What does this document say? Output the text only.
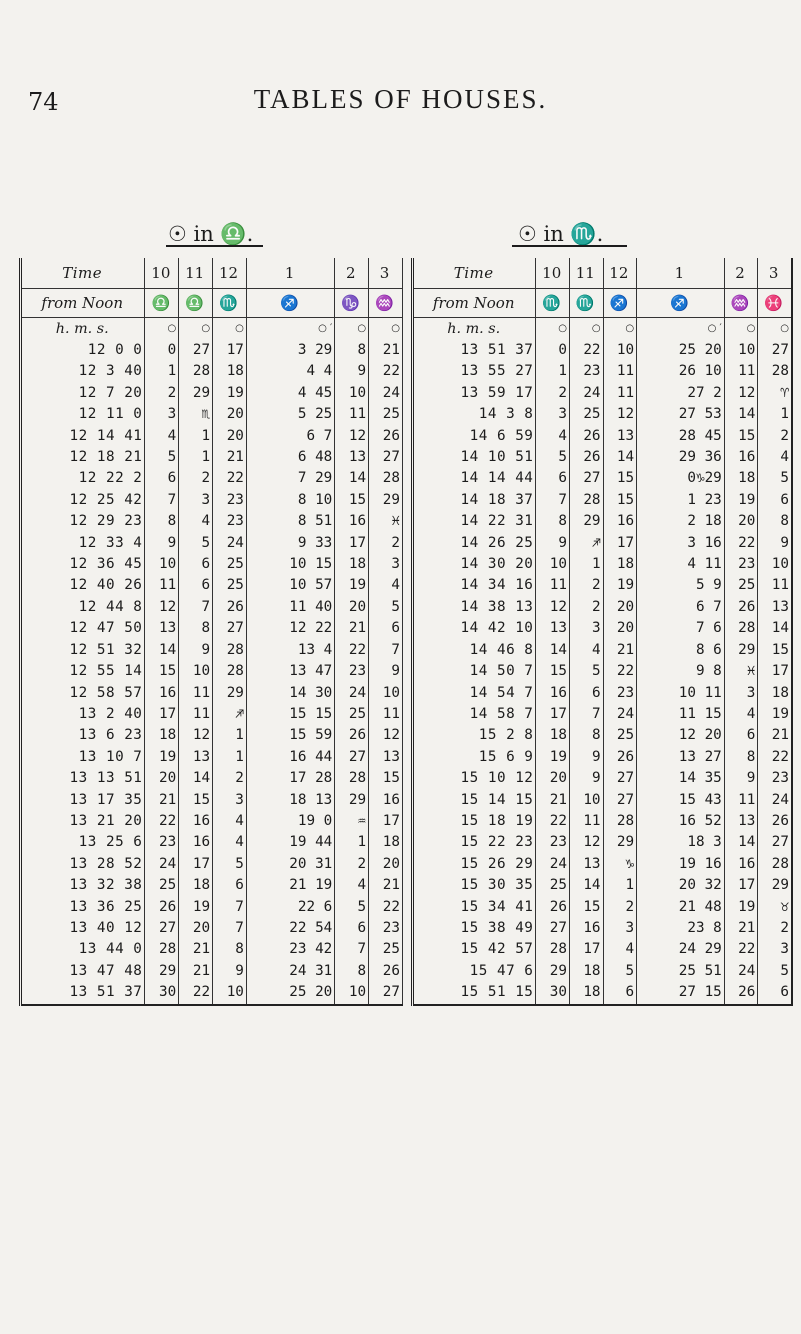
74	TABLES OF HOUSES.
☉ in ♎.	☉ in ♏.
Time	10	11	12	1	2	3
from Noon	♎	♎	♏	♐	♑	♒
h. m. s.	○	○	○	○ ′	○	○
12 0 0	0	27	17	3 29	8	21
12 3 40	1	28	18	4 4	9	22
12 7 20	2	29	19	4 45	10	24
12 11 0	3	♏	20	5 25	11	25
12 14 41	4	1	20	6 7	12	26
12 18 21	5	1	21	6 48	13	27
12 22 2	6	2	22	7 29	14	28
12 25 42	7	3	23	8 10	15	29
12 29 23	8	4	23	8 51	16	♓
12 33 4	9	5	24	9 33	17	2
12 36 45	10	6	25	10 15	18	3
12 40 26	11	6	25	10 57	19	4
12 44 8	12	7	26	11 40	20	5
12 47 50	13	8	27	12 22	21	6
12 51 32	14	9	28	13 4	22	7
12 55 14	15	10	28	13 47	23	9
12 58 57	16	11	29	14 30	24	10
13 2 40	17	11	♐	15 15	25	11
13 6 23	18	12	1	15 59	26	12
13 10 7	19	13	1	16 44	27	13
13 13 51	20	14	2	17 28	28	15
13 17 35	21	15	3	18 13	29	16
13 21 20	22	16	4	19 0	♒	17
13 25 6	23	16	4	19 44	1	18
13 28 52	24	17	5	20 31	2	20
13 32 38	25	18	6	21 19	4	21
13 36 25	26	19	7	22 6	5	22
13 40 12	27	20	7	22 54	6	23
13 44 0	28	21	8	23 42	7	25
13 47 48	29	21	9	24 31	8	26
13 51 37	30	22	10	25 20	10	27
Time	10	11	12	1	2	3
from Noon	♏	♏	♐	♐	♒	♓
h. m. s.	○	○	○	○ ′	○	○
13 51 37	0	22	10	25 20	10	27
13 55 27	1	23	11	26 10	11	28
13 59 17	2	24	11	27 2	12	♈
14 3 8	3	25	12	27 53	14	1
14 6 59	4	26	13	28 45	15	2
14 10 51	5	26	14	29 36	16	4
14 14 44	6	27	15	0♑29	18	5
14 18 37	7	28	15	1 23	19	6
14 22 31	8	29	16	2 18	20	8
14 26 25	9	♐	17	3 16	22	9
14 30 20	10	1	18	4 11	23	10
14 34 16	11	2	19	5 9	25	11
14 38 13	12	2	20	6 7	26	13
14 42 10	13	3	20	7 6	28	14
14 46 8	14	4	21	8 6	29	15
14 50 7	15	5	22	9 8	♓	17
14 54 7	16	6	23	10 11	3	18
14 58 7	17	7	24	11 15	4	19
15 2 8	18	8	25	12 20	6	21
15 6 9	19	9	26	13 27	8	22
15 10 12	20	9	27	14 35	9	23
15 14 15	21	10	27	15 43	11	24
15 18 19	22	11	28	16 52	13	26
15 22 23	23	12	29	18 3	14	27
15 26 29	24	13	♑	19 16	16	28
15 30 35	25	14	1	20 32	17	29
15 34 41	26	15	2	21 48	19	♉
15 38 49	27	16	3	23 8	21	2
15 42 57	28	17	4	24 29	22	3
15 47 6	29	18	5	25 51	24	5
15 51 15	30	18	6	27 15	26	6
